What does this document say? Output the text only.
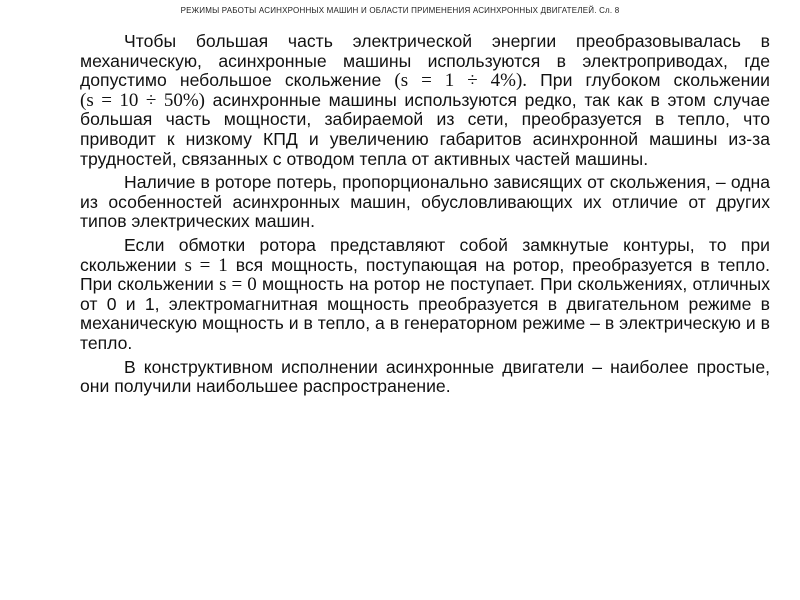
РЕЖИМЫ РАБОТЫ АСИНХРОННЫХ МАШИН И ОБЛАСТИ ПРИМЕНЕНИЯ АСИНХРОННЫХ ДВИГАТЕЛЕЙ. Сл. 8

Чтобы большая часть электрической энергии преобразовывалась в механическую, асинхронные машины используются в электроприводах, где допустимо небольшое скольжение (s = 1 ÷ 4%). При глубоком скольжении (s = 10 ÷ 50%) асинхронные машины используются редко, так как в этом случае большая часть мощности, забираемой из сети, преобразуется в тепло, что приводит к низкому КПД и увеличению габаритов асинхронной машины из-за трудностей, связанных с отводом тепла от активных частей машины.

Наличие в роторе потерь, пропорционально зависящих от скольжения, – одна из особенностей асинхронных машин, обусловливающих их отличие от других типов электрических машин.

Если обмотки ротора представляют собой замкнутые контуры, то при скольжении s = 1 вся мощность, поступающая на ротор, преобразуется в тепло. При скольжении s = 0 мощность на ротор не поступает. При скольжениях, отличных от 0 и 1, электромагнитная мощность преобразуется в двигательном режиме в механическую мощность и в тепло, а в генераторном режиме – в электрическую и в тепло.

В конструктивном исполнении асинхронные двигатели – наиболее простые, они получили наибольшее распространение.
